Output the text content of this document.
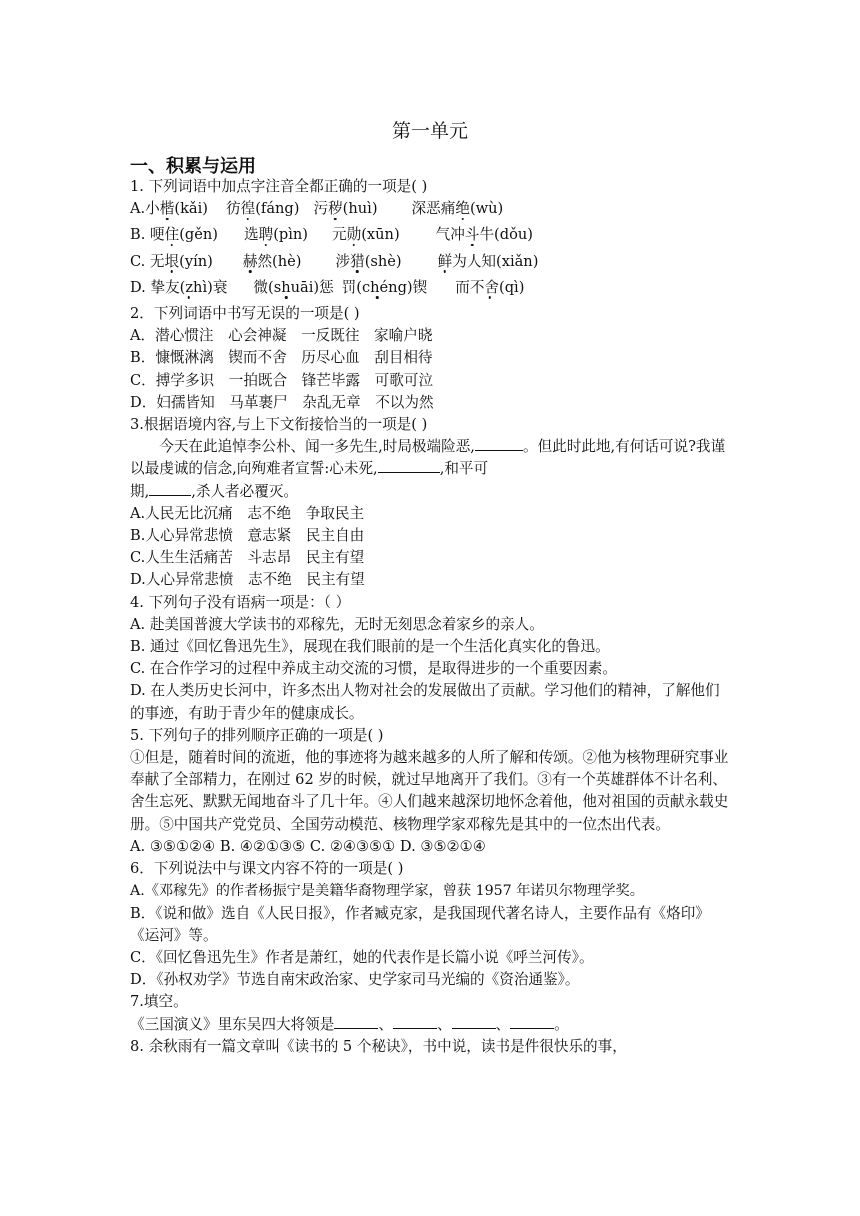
第一单元
一、积累与运用
1. 下列词语中加点字注音全都正确的一项是( )
A.小楷(kǎi) 彷徨(fáng) 污秽(huì) 深恶痛绝(wù)
B. 哽住(gěn) 选聘(pìn) 元勋(xūn) 气冲斗牛(dǒu)
C. 无垠(yín) 赫然(hè) 涉猎(shè) 鲜为人知(xiǎn)
D. 挚友(zhì)衰 微(shuāi)惩 罚(chéng)锲 而不舍(qì)
2．下列词语中书写无误的一项是( )
A．潜心惯注　心会神凝　一反既往　家喻户晓
B．慷慨淋漓　锲而不舍　历尽心血　刮目相待
C．搏学多识　一拍既合　锋芒毕露　可歌可泣
D．妇孺皆知　马革裹尸　杂乱无章　不以为然
3.根据语境内容,与上下文衔接恰当的一项是( )
今天在此追悼李公朴、闻一多先生,时局极端险恶,	。但此时此地,有何话可说?我谨以最虔诚的信念,向殉难者宣誓:心未死,	,和平可
期,	,杀人者必覆灭。
A.人民无比沉痛　志不绝　争取民主
B.人心异常悲愤　意志紧　民主自由
C.人生生活痛苦　斗志昂　民主有望
D.人心异常悲愤　志不绝　民主有望
4. 下列句子没有语病一项是：（ ）
A. 赴美国普渡大学读书的邓稼先，无时无刻思念着家乡的亲人。
B. 通过《回忆鲁迅先生》，展现在我们眼前的是一个生活化真实化的鲁迅。
C. 在合作学习的过程中养成主动交流的习惯，是取得进步的一个重要因素。
D. 在人类历史长河中，许多杰出人物对社会的发展做出了贡献。学习他们的精神，了解他们的事迹，有助于青少年的健康成长。
5. 下列句子的排列顺序正确的一项是( )
①但是，随着时间的流逝，他的事迹将为越来越多的人所了解和传颂。②他为核物理研究事业奉献了全部精力，在刚过 62 岁的时候，就过早地离开了我们。③有一个英雄群体不计名利、舍生忘死、默默无闻地奋斗了几十年。④人们越来越深切地怀念着他，他对祖国的贡献永载史册。⑤中国共产党党员、全国劳动模范、核物理学家邓稼先是其中的一位杰出代表。
A. ③⑤①②④ B. ④②①③⑤ C. ②④③⑤① D. ③⑤②①④
6．下列说法中与课文内容不符的一项是( )
A.《邓稼先》的作者杨振宁是美籍华裔物理学家，曾获 1957 年诺贝尔物理学奖。
B．《说和做》选自《人民日报》，作者臧克家，是我国现代著名诗人，主要作品有《烙印》《运河》等。
C．《回忆鲁迅先生》作者是萧红，她的代表作是长篇小说《呼兰河传》。
D．《孙权劝学》节选自南宋政治家、史学家司马光编的《资治通鉴》。
7.填空。
《三国演义》里东吴四大将领是	、	、	、	。
8. 余秋雨有一篇文章叫《读书的 5 个秘诀》，书中说，读书是件很快乐的事，
